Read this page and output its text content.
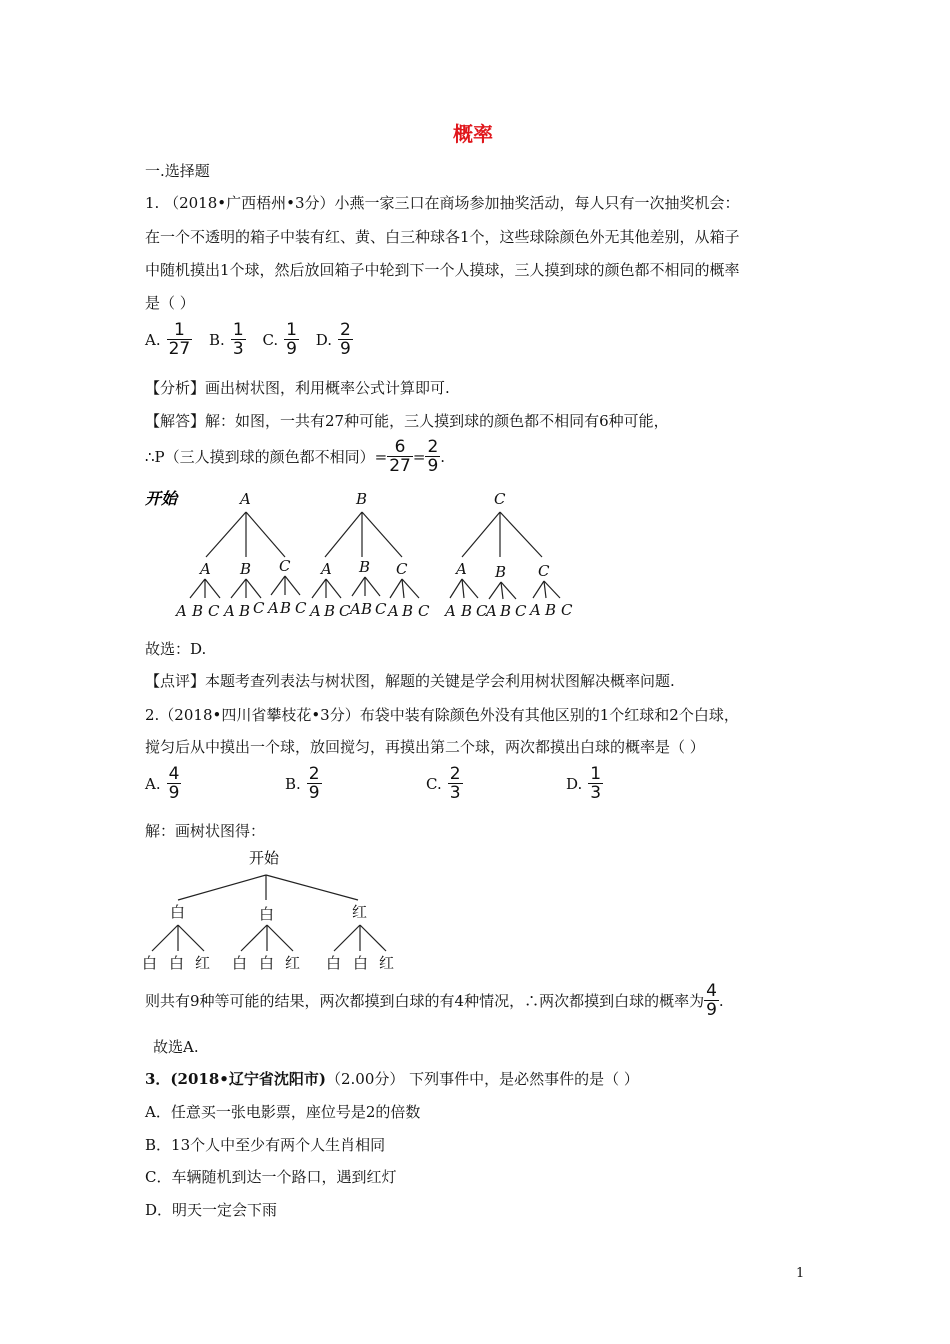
概率
一.选择题
1. （2018•广西梧州•3分）小燕一家三口在商场参加抽奖活动，每人只有一次抽奖机会：
在一个不透明的箱子中装有红、黄、白三种球各1个，这些球除颜色外无其他差别，从箱子
中随机摸出1个球，然后放回箱子中轮到下一个人摸球，三人摸到球的颜色都不相同的概率
是（ ）
A. $\frac{1}{27}$
B. $\frac{1}{3}$
C. $\frac{1}{9}$
D. $\frac{2}{9}$
【分析】画出树状图，利用概率公式计算即可.
【解答】解：如图，一共有27种可能，三人摸到球的颜色都不相同有6种可能，
∴P（三人摸到球的颜色都不相同）= $\frac{6}{27} = \frac{2}{9}$ .
开始	A	B	C
A B C A B C	A B C
A B C A B C A B C A B C A B C A B C A B C
A B C A B C
故选：D.
【点评】本题考查列表法与树状图，解题的关键是学会利用树状图解决概率问题.
2.（2018•四川省攀枝花•3分）布袋中装有除颜色外没有其他区别的1个红球和2个白球，
搅匀后从中摸出一个球，放回搅匀，再摸出第二个球，两次都摸出白球的概率是（ ）
A. $\frac{4}{9}$	B. $\frac{2}{9}$	C. $\frac{2}{3}$	D. $\frac{1}{3}$
解：画树状图得：
开始
白	白	红
白 白 红 白 白 红 白 白 红
则共有9种等可能的结果，两次都摸到白球的有4种情况，∴两次都摸到白球的概率为 $\frac{4}{9}$ .
故选A.
3．(2018•辽宁省沈阳市)（2.00分） 下列事件中，是必然事件的是（ ）
A．任意买一张电影票，座位号是2的倍数
B．13个人中至少有两个人生肖相同
C．车辆随机到达一个路口，遇到红灯
D．明天一定会下雨
1
